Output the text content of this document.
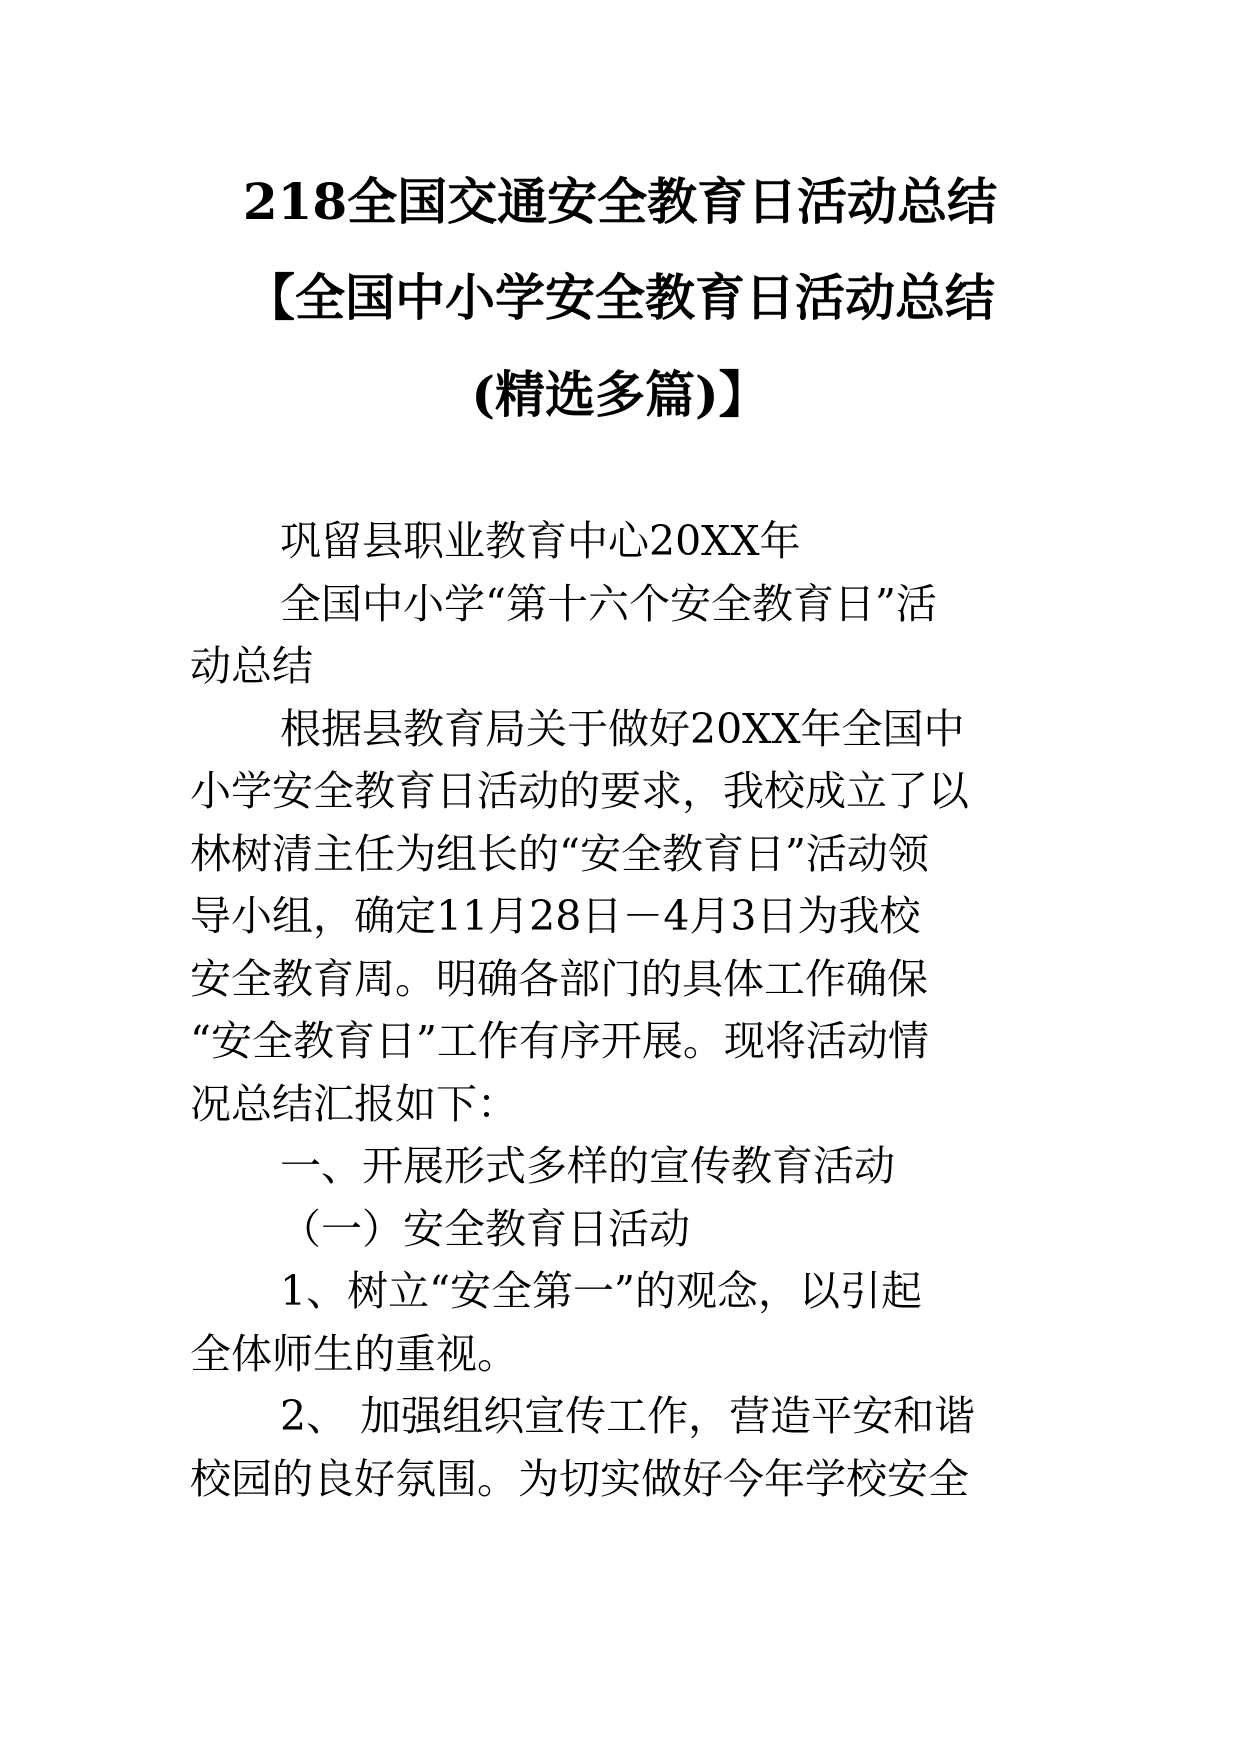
218全国交通安全教育日活动总结
【全国中小学安全教育日活动总结
(精选多篇)】
巩留县职业教育中心20XX年
全国中小学“第十六个安全教育日”活
动总结
根据县教育局关于做好20XX年全国中
小学安全教育日活动的要求，我校成立了以
林树清主任为组长的“安全教育日”活动领
导小组，确定11月28日－4月3日为我校
安全教育周。明确各部门的具体工作确保
“安全教育日”工作有序开展。现将活动情
况总结汇报如下：
一、开展形式多样的宣传教育活动
（一）安全教育日活动
1、树立“安全第一”的观念，以引起
全体师生的重视。
2、 加强组织宣传工作，营造平安和谐
校园的良好氛围。为切实做好今年学校安全
